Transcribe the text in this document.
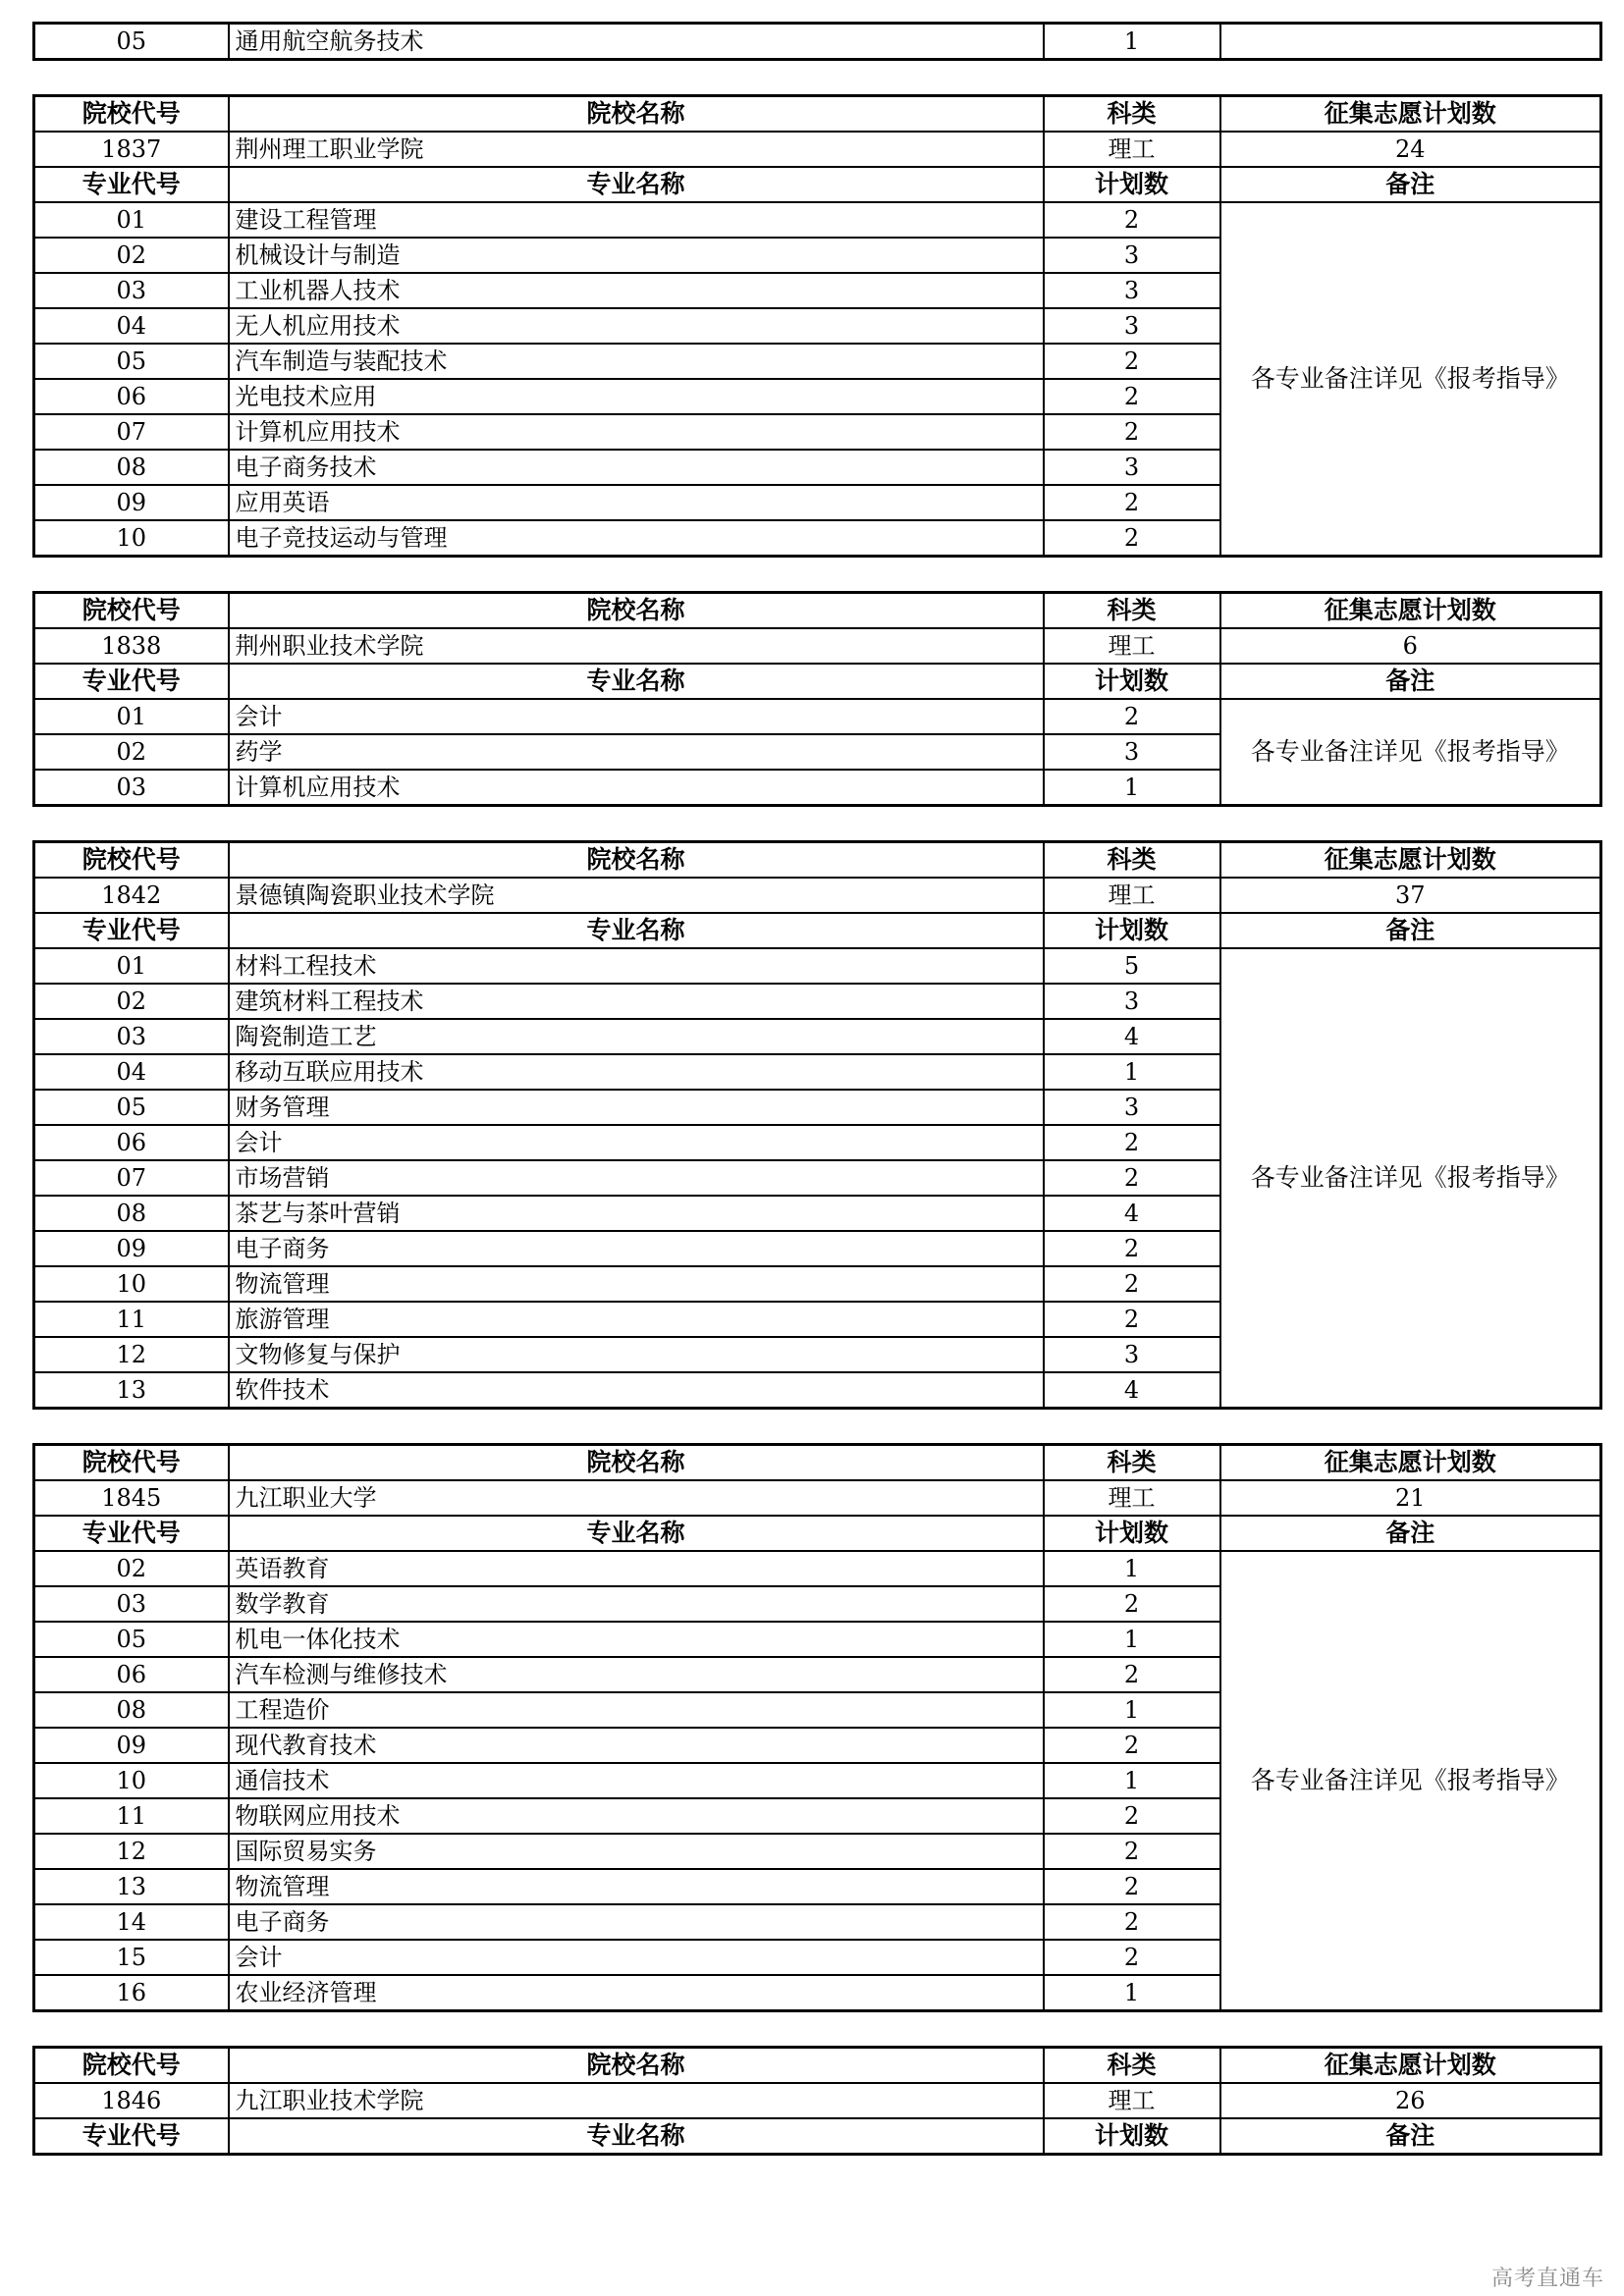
05	通用航空航务技术	1	
院校代号	院校名称	科类	征集志愿计划数
1837	荆州理工职业学院	理工	24
专业代号	专业名称	计划数	备注
01	建设工程管理	2	各专业备注详见《报考指导》
02	机械设计与制造	3	
03	工业机器人技术	3	
04	无人机应用技术	3	
05	汽车制造与装配技术	2	
06	光电技术应用	2	
07	计算机应用技术	2	
08	电子商务技术	3	
09	应用英语	2	
10	电子竞技运动与管理	2	
院校代号	院校名称	科类	征集志愿计划数
1838	荆州职业技术学院	理工	6
专业代号	专业名称	计划数	备注
01	会计	2	各专业备注详见《报考指导》
02	药学	3	
03	计算机应用技术	1	
院校代号	院校名称	科类	征集志愿计划数
1842	景德镇陶瓷职业技术学院	理工	37
专业代号	专业名称	计划数	备注
01	材料工程技术	5	各专业备注详见《报考指导》
02	建筑材料工程技术	3	
03	陶瓷制造工艺	4	
04	移动互联应用技术	1	
05	财务管理	3	
06	会计	2	
07	市场营销	2	
08	茶艺与茶叶营销	4	
09	电子商务	2	
10	物流管理	2	
11	旅游管理	2	
12	文物修复与保护	3	
13	软件技术	4	
院校代号	院校名称	科类	征集志愿计划数
1845	九江职业大学	理工	21
专业代号	专业名称	计划数	备注
02	英语教育	1	各专业备注详见《报考指导》
03	数学教育	2	
05	机电一体化技术	1	
06	汽车检测与维修技术	2	
08	工程造价	1	
09	现代教育技术	2	
10	通信技术	1	
11	物联网应用技术	2	
12	国际贸易实务	2	
13	物流管理	2	
14	电子商务	2	
15	会计	2	
16	农业经济管理	1	
院校代号	院校名称	科类	征集志愿计划数
1846	九江职业技术学院	理工	26
专业代号	专业名称	计划数	备注
高考直通车
